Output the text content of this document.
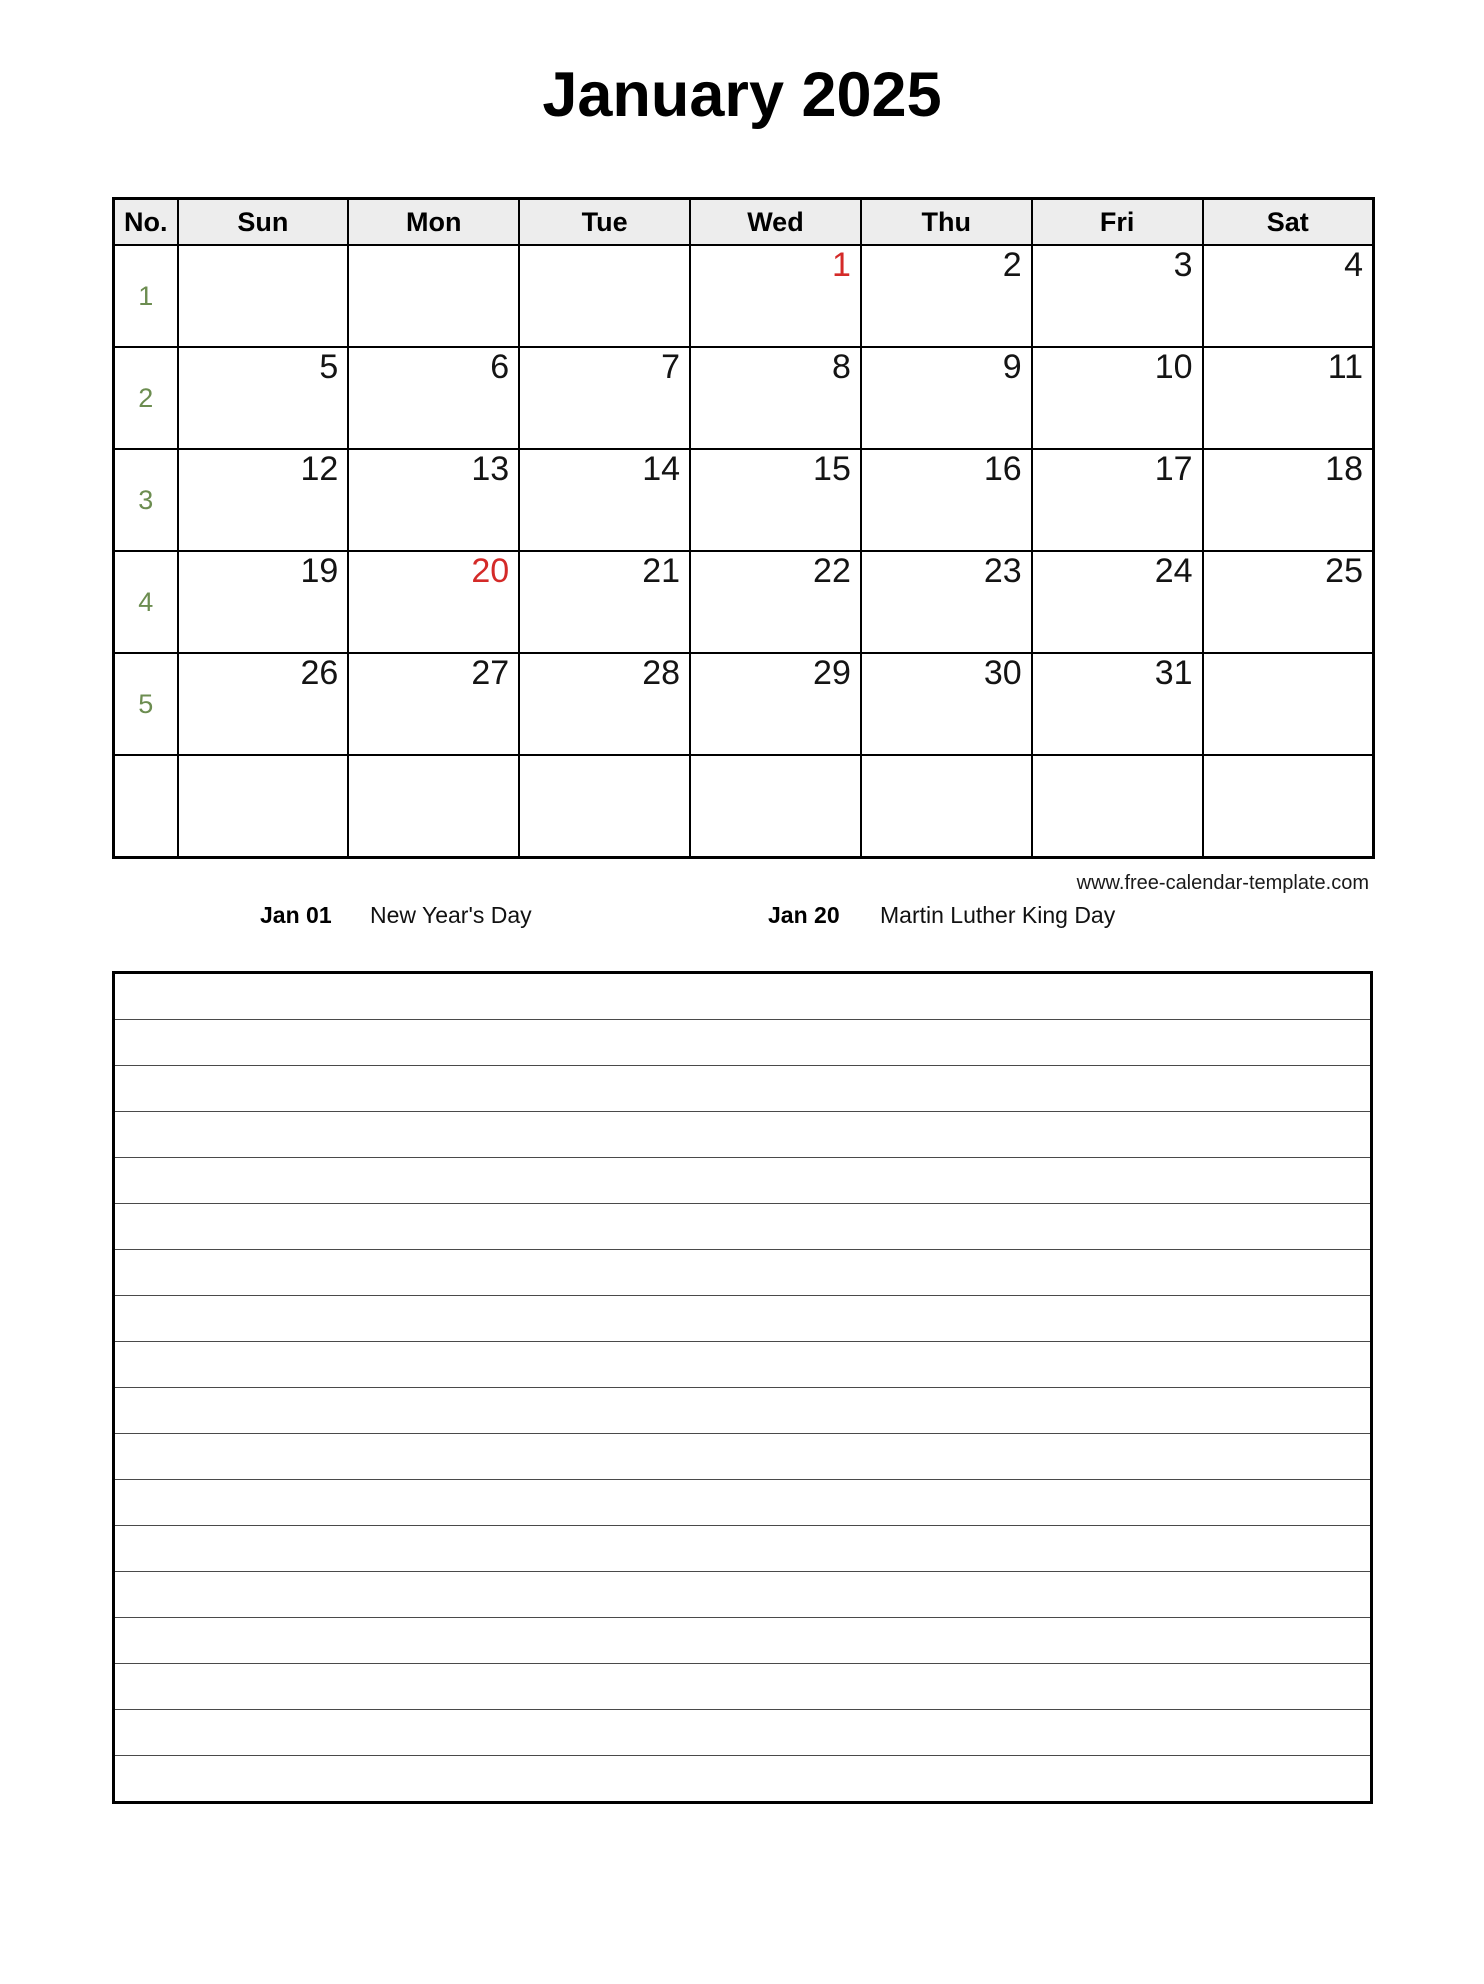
January 2025
No.	Sun	Mon	Tue	Wed	Thu	Fri	Sat
1				1	2	3	4
2	5	6	7	8	9	10	11
3	12	13	14	15	16	17	18
4	19	20	21	22	23	24	25
5	26	27	28	29	30	31	

www.free-calendar-template.com
Jan 01 New Year's Day	Jan 20 Martin Luther King Day
